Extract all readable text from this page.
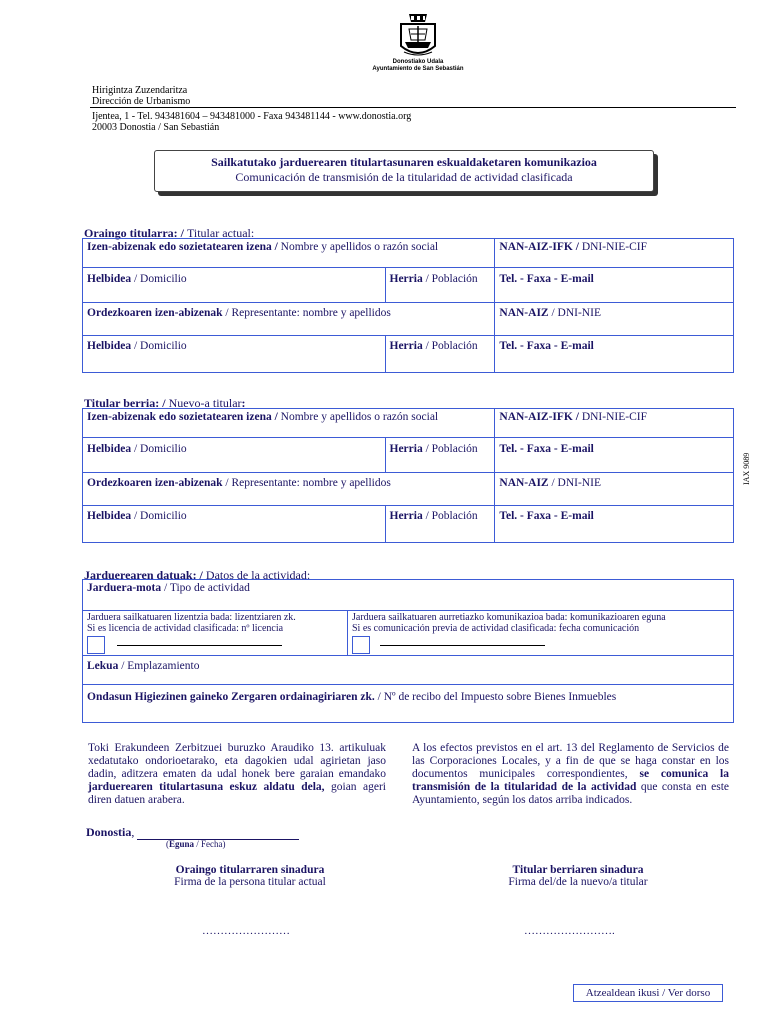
Donostiako Udala
Ayuntamiento de San Sebastián
Hirigintza Zuzendaritza
Dirección de Urbanismo
Ijentea, 1 - Tel. 943481604 – 943481000 - Faxa 943481144 - www.donostia.org
20003 Donostia / San Sebastián
Sailkatutako jarduerearen titulartasunaren eskualdaketaren komunikazioa
Comunicación de transmisión de la titularidad de actividad clasificada
Oraingo titularra: / Titular actual:
Izen-abizenak edo sozietatearen izena / Nombre y apellidos o razón social		NAN-AIZ-IFK / DNI-NIE-CIF
Helbidea / Domicilio	Herria / Población	Tel. - Faxa - E-mail
Ordezkoaren izen-abizenak / Representante: nombre y apellidos		NAN-AIZ / DNI-NIE
Helbidea / Domicilio	Herria / Población	Tel. - Faxa - E-mail
Titular berria: / Nuevo-a titular:
Izen-abizenak edo sozietatearen izena / Nombre y apellidos o razón social		NAN-AIZ-IFK / DNI-NIE-CIF
Helbidea / Domicilio	Herria / Población	Tel. - Faxa - E-mail
Ordezkoaren izen-abizenak / Representante: nombre y apellidos		NAN-AIZ / DNI-NIE
Helbidea / Domicilio	Herria / Población	Tel. - Faxa - E-mail
IAX 9089
Jarduerearen datuak: / Datos de la actividad:
Jarduera-mota / Tipo de actividad

Jarduera sailkatuaren lizentzia bada: lizentziaren zk.
Si es licencia de actividad clasificada: nº licencia

Jarduera sailkatuaren aurretiazko komunikazioa bada: komunikazioaren eguna
Si es comunicación previa de actividad clasificada: fecha comunicación

Lekua / Emplazamiento
Ondasun Higiezinen gaineko Zergaren ordainagiriaren zk. / Nº de recibo del Impuesto sobre Bienes Inmuebles
Toki Erakundeen Zerbitzuei buruzko Araudiko 13. artikuluak xedatutako ondorioetarako, eta dagokien udal agirietan jaso dadin, aditzera ematen da udal honek bere garaian emandako jarduerearen titulartasuna eskuz aldatu dela, goian ageri diren datuen arabera.
A los efectos previstos en el art. 13 del Reglamento de Servicios de las Corporaciones Locales, y a fin de que se haga constar en los documentos municipales correspondientes, se comunica la transmisión de la titularidad de la actividad que consta en este Ayuntamiento, según los datos arriba indicados.
Donostia,
(Eguna / Fecha)
Oraingo titularraren sinadura
Firma de la persona titular actual
Titular berriaren sinadura
Firma del/de la nuevo/a titular
……………………	…………………….
Atzealdean ikusi / Ver dorso
